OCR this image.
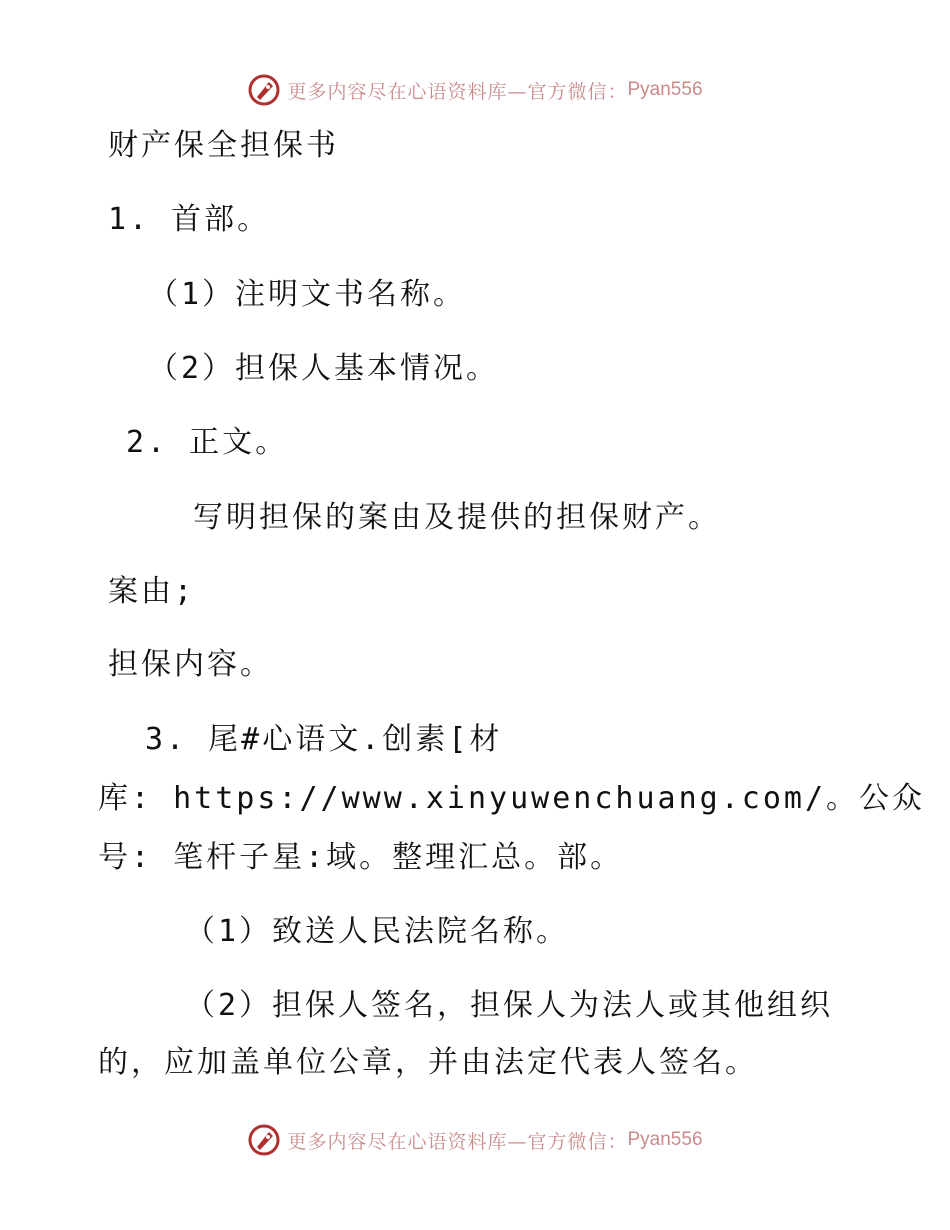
更多内容尽在心语资料库—官方微信： Pyan556
财产保全担保书
1. 首部。
（1）注明文书名称。
（2）担保人基本情况。
2. 正文。
写明担保的案由及提供的担保财产。
案由;
担保内容。
3. 尾#心语文.创素[材
库: https://www.xinyuwenchuang.com/。公众
号: 笔杆子星:域。整理汇总。部。
（1）致送人民法院名称。
（2）担保人签名，担保人为法人或其他组织
的，应加盖单位公章，并由法定代表人签名。
更多内容尽在心语资料库—官方微信： Pyan556
